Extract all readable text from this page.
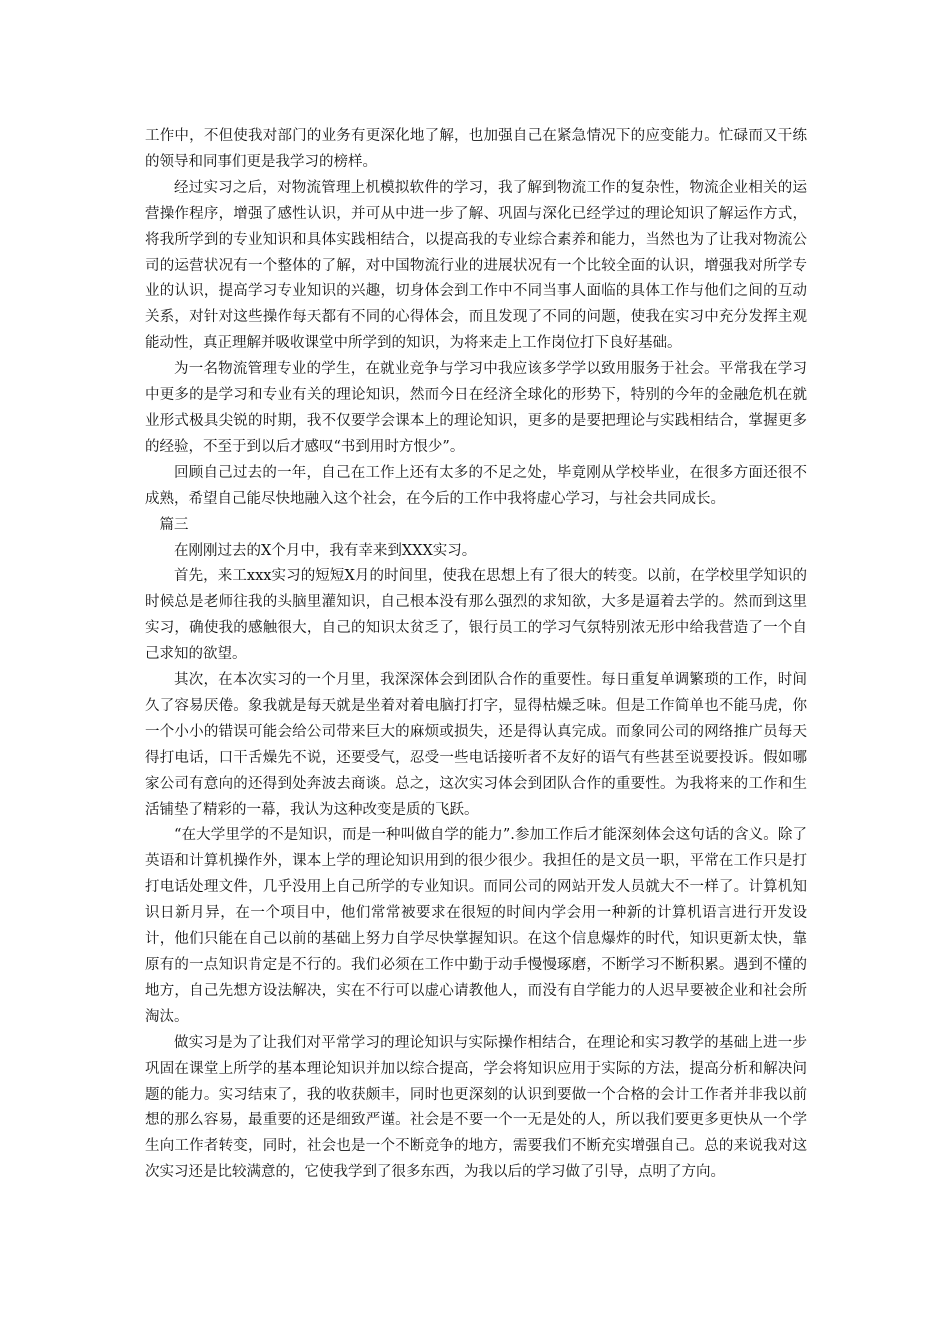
工作中，不但使我对部门的业务有更深化地了解，也加强自己在紧急情况下的应变能力。忙碌而又干练的领导和同事们更是我学习的榜样。

经过实习之后，对物流管理上机模拟软件的学习，我了解到物流工作的复杂性，物流企业相关的运营操作程序，增强了感性认识，并可从中进一步了解、巩固与深化已经学过的理论知识了解运作方式，将我所学到的专业知识和具体实践相结合，以提高我的专业综合素养和能力，当然也为了让我对物流公司的运营状况有一个整体的了解，对中国物流行业的进展状况有一个比较全面的认识，增强我对所学专业的认识，提高学习专业知识的兴趣，切身体会到工作中不同当事人面临的具体工作与他们之间的互动关系，对针对这些操作每天都有不同的心得体会，而且发现了不同的问题，使我在实习中充分发挥主观能动性，真正理解并吸收课堂中所学到的知识，为将来走上工作岗位打下良好基础。

为一名物流管理专业的学生，在就业竞争与学习中我应该多学学以致用服务于社会。平常我在学习中更多的是学习和专业有关的理论知识，然而今日在经济全球化的形势下，特别的今年的金融危机在就业形式极具尖锐的时期，我不仅要学会课本上的理论知识，更多的是要把理论与实践相结合，掌握更多的经验，不至于到以后才感叹“书到用时方恨少”。

回顾自己过去的一年，自己在工作上还有太多的不足之处，毕竟刚从学校毕业，在很多方面还很不成熟，希望自己能尽快地融入这个社会，在今后的工作中我将虚心学习，与社会共同成长。

篇三

在刚刚过去的X个月中，我有幸来到XXX实习。

首先，来工xxx实习的短短X月的时间里，使我在思想上有了很大的转变。以前，在学校里学知识的时候总是老师往我的头脑里灌知识，自己根本没有那么强烈的求知欲，大多是逼着去学的。然而到这里实习，确使我的感触很大，自己的知识太贫乏了，银行员工的学习气氛特别浓无形中给我营造了一个自己求知的欲望。

其次，在本次实习的一个月里，我深深体会到团队合作的重要性。每日重复单调繁琐的工作，时间久了容易厌倦。象我就是每天就是坐着对着电脑打打字，显得枯燥乏味。但是工作简单也不能马虎，你一个小小的错误可能会给公司带来巨大的麻烦或损失，还是得认真完成。而象同公司的网络推广员每天得打电话，口干舌燥先不说，还要受气，忍受一些电话接听者不友好的语气有些甚至说要投诉。假如哪家公司有意向的还得到处奔波去商谈。总之，这次实习体会到团队合作的重要性。为我将来的工作和生活铺垫了精彩的一幕，我认为这种改变是质的飞跃。

“在大学里学的不是知识，而是一种叫做自学的能力”.参加工作后才能深刻体会这句话的含义。除了英语和计算机操作外，课本上学的理论知识用到的很少很少。我担任的是文员一职，平常在工作只是打打电话处理文件，几乎没用上自己所学的专业知识。而同公司的网站开发人员就大不一样了。计算机知识日新月异，在一个项目中，他们常常被要求在很短的时间内学会用一种新的计算机语言进行开发设计，他们只能在自己以前的基础上努力自学尽快掌握知识。在这个信息爆炸的时代，知识更新太快，靠原有的一点知识肯定是不行的。我们必须在工作中勤于动手慢慢琢磨，不断学习不断积累。遇到不懂的地方，自己先想方设法解决，实在不行可以虚心请教他人，而没有自学能力的人迟早要被企业和社会所淘汰。

做实习是为了让我们对平常学习的理论知识与实际操作相结合，在理论和实习教学的基础上进一步巩固在课堂上所学的基本理论知识并加以综合提高，学会将知识应用于实际的方法，提高分析和解决问题的能力。实习结束了，我的收获颇丰，同时也更深刻的认识到要做一个合格的会计工作者并非我以前想的那么容易，最重要的还是细致严谨。社会是不要一个一无是处的人，所以我们要更多更快从一个学生向工作者转变，同时，社会也是一个不断竞争的地方，需要我们不断充实增强自己。总的来说我对这次实习还是比较满意的，它使我学到了很多东西，为我以后的学习做了引导，点明了方向。
